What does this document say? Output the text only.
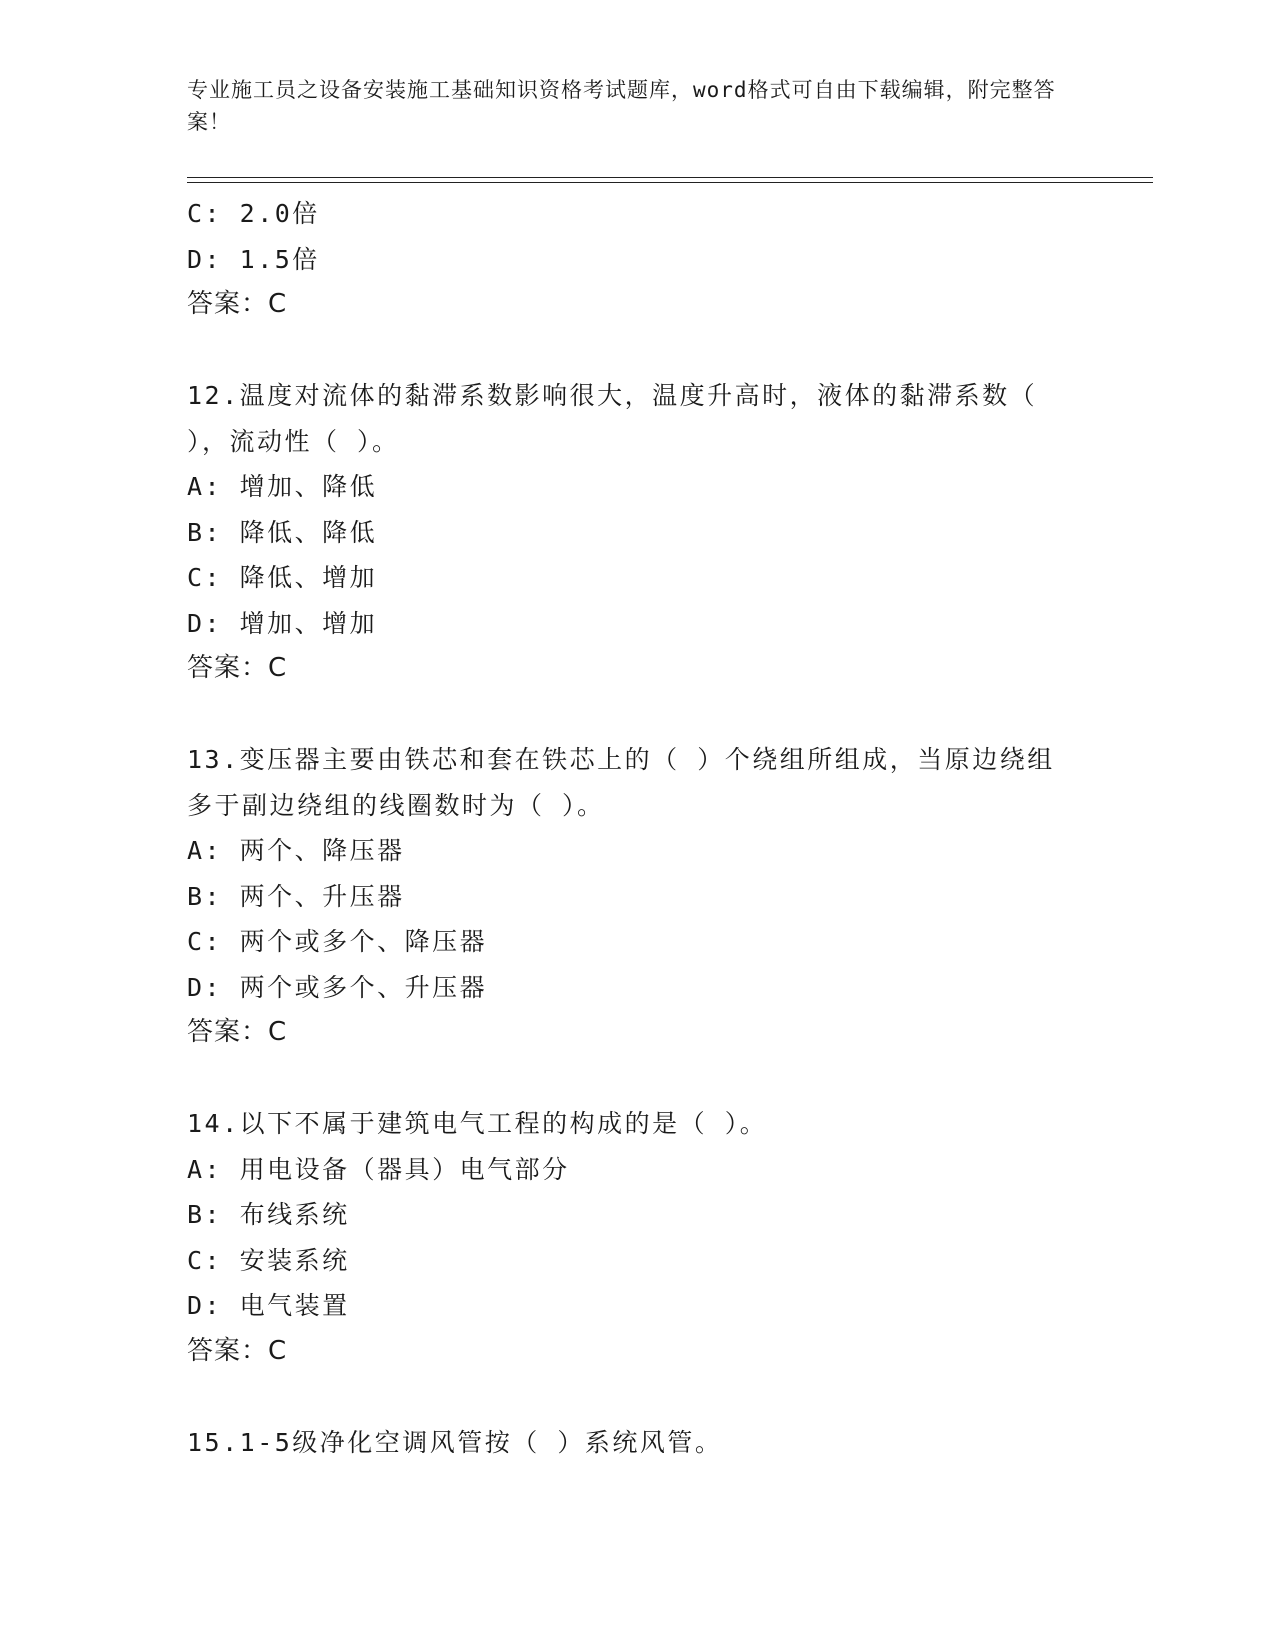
专业施工员之设备安装施工基础知识资格考试题库，word格式可自由下载编辑，附完整答案！
C: 2.0倍
D: 1.5倍
答案：C
12.温度对流体的黏滞系数影响很大，温度升高时，液体的黏滞系数（ ），流动性（ ）。
A: 增加、降低
B: 降低、降低
C: 降低、增加
D: 增加、增加
答案：C
13.变压器主要由铁芯和套在铁芯上的（ ）个绕组所组成，当原边绕组多于副边绕组的线圈数时为（ ）。
A: 两个、降压器
B: 两个、升压器
C: 两个或多个、降压器
D: 两个或多个、升压器
答案：C
14.以下不属于建筑电气工程的构成的是（ ）。
A: 用电设备（器具）电气部分
B: 布线系统
C: 安装系统
D: 电气装置
答案：C
15.1-5级净化空调风管按（ ）系统风管。
